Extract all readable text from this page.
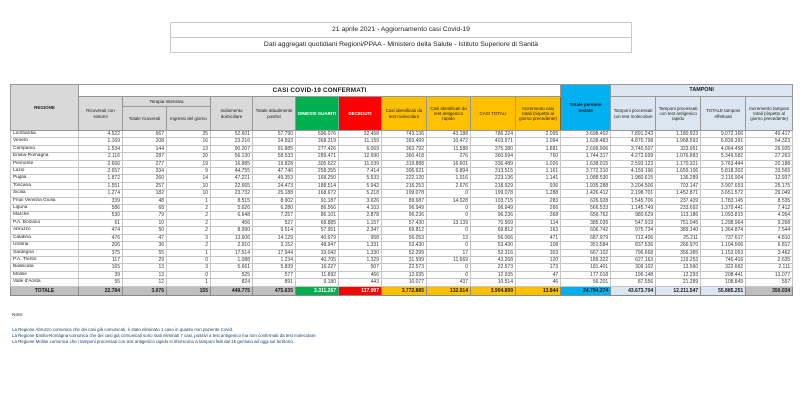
21 aprile 2021 - Aggiornamento casi Covid-19
Dati aggregati quotidiani Regioni/PPAA - Ministero della Salute - Istituto Superiore di Sanità
REGIONE	CASI COVID-19 CONFERMATI											Totale persone testate	TAMPONI			
	Ricoverati con sintomi	Terapia Intensiva		Isolamento domiciliare	Totale attualmente positivi	DIMESSI GUARITI	DECEDUTI	Casi identificati da test molecolare	Casi identificati da test antigenico rapido	CASI TOTALI	Incremento casi totali (rispetto al giorno precedente)		Tamponi processati con test molecolare	Tamponi processati con test antigenico rapido	TOTALE tamponi effettuati	Incremento tamponi totali (rispetto al giorno precedente)
		Totale ricoverati	Ingressi del giorno													
Lombardia	4.522	667	25	52.601	57.790	696.076	32.458	743.136	43.188	786.324	2.095	3.698.402	7.891.243	1.180.923	9.072.166	49.417
Veneto	1.169	208	16	23.216	24.593	368.219	11.159	393.499	10.472	403.971	1.094	1.638.483	4.870.798	1.968.593	6.839.391	54.323
Campania	1.534	144	13	90.207	91.885	277.426	6.069	363.792	11.588	375.380	1.881	2.699.906	3.740.507	323.951	4.064.458	26.935
Emilia-Romagna	2.116	287	20	56.130	58.533	289.471	12.690	360.418	276	360.694	760	1.744.317	4.272.699	1.076.883	5.349.582	27.263
Piemonte	2.666	277	19	16.885	19.828	305.622	11.039	319.888	16.601	336.489	1.026	1.638.015	2.593.123	1.170.321	3.763.444	20.188
Lazio	2.657	334	9	44.755	47.746	258.355	7.414	306.621	6.894	313.515	1.161	3.772.310	4.159.196	1.659.106	5.818.302	33.565
Puglia	1.872	260	14	47.221	49.353	168.250	5.533	222.120	1.016	223.136	1.141	1.088.530	1.980.615	136.289	2.116.904	12.937
Toscana	1.551	257	10	22.665	24.473	188.514	5.942	216.253	2.676	218.929	936	1.935.288	3.204.506	703.147	3.907.653	25.175
Sicilia	1.274	182	10	23.732	25.188	168.672	5.218	199.078	0	199.078	1.288	1.426.412	2.198.701	1.452.871	3.651.572	29.049
Friuli Venezia Giulia	339	48	1	8.515	8.902	91.187	3.626	89.687	14.028	103.715	283	626.928	1.545.706	237.439	1.783.145	8.535
Liguria	586	68	2	5.626	6.280	86.566	4.103	96.949	0	96.949	266	566.533	1.145.749	233.692	1.379.441	7.412
Marche	530	79	2	6.648	7.257	86.101	2.878	96.236	0	96.236	368	656.762	980.629	113.186	1.093.815	4.954
P.A. Bolzano	61	10	2	456	527	68.885	1.157	57.430	13.139	70.569	114	385.039	547.919	751.045	1.298.964	9.268
Abruzzo	474	50	2	8.990	9.514	57.951	2.347	69.812	0	69.812	163	606.742	975.734	389.140	1.364.874	7.544
Calabria	476	47	3	13.606	14.129	40.979	958	56.053	13	56.066	471	687.979	712.406	25.211	737.617	4.810
Umbria	206	36	2	2.910	3.152	48.947	1.331	53.430	0	53.430	108	351.584	837.536	266.970	1.104.506	6.817
Sardegna	375	55	1	17.514	17.944	33.042	1.330	52.299	17	52.316	303	667.102	796.668	356.385	1.153.053	3.462
P.A. Trento	117	29	0	1.088	1.234	40.705	1.329	31.599	11.669	43.268	120	189.322	627.163	119.253	746.416	2.635
Basilicata	165	13	3	5.661	5.839	16.227	507	22.573	0	22.573	173	181.401	309.102	13.560	322.662	2.111
Molise	39	13	0	525	577	11.892	466	12.935	0	12.935	47	177.018	196.148	12.293	208.441	13.077
Valle d'Aosta	55	12	1	824	891	9.180	443	10.077	437	10.514	46	56.201	87.556	21.289	108.845	557
TOTALE	22.784	3.076	155	449.775	475.635	3.311.267	117.997	3.772.885	132.014	3.904.899	13.844	24.794.274	43.673.704	12.211.547	55.885.251	350.034
Note:
La Regione Abruzzo comunica che dei casi già comunicati, è stato eliminato 1 caso in quanto non paziente Covid.
La Regione Emilia-Romagna comunica che dei casi già comunicati sono stati eliminati 7 casi, positivi a test antigenico ma non confermati da test molecolare.
La Regione Molise comunica che i tamponi processati con test antigenico rapido si riferiscono a tamponi fatti dal 15 gennaio ad oggi sul territorio.
